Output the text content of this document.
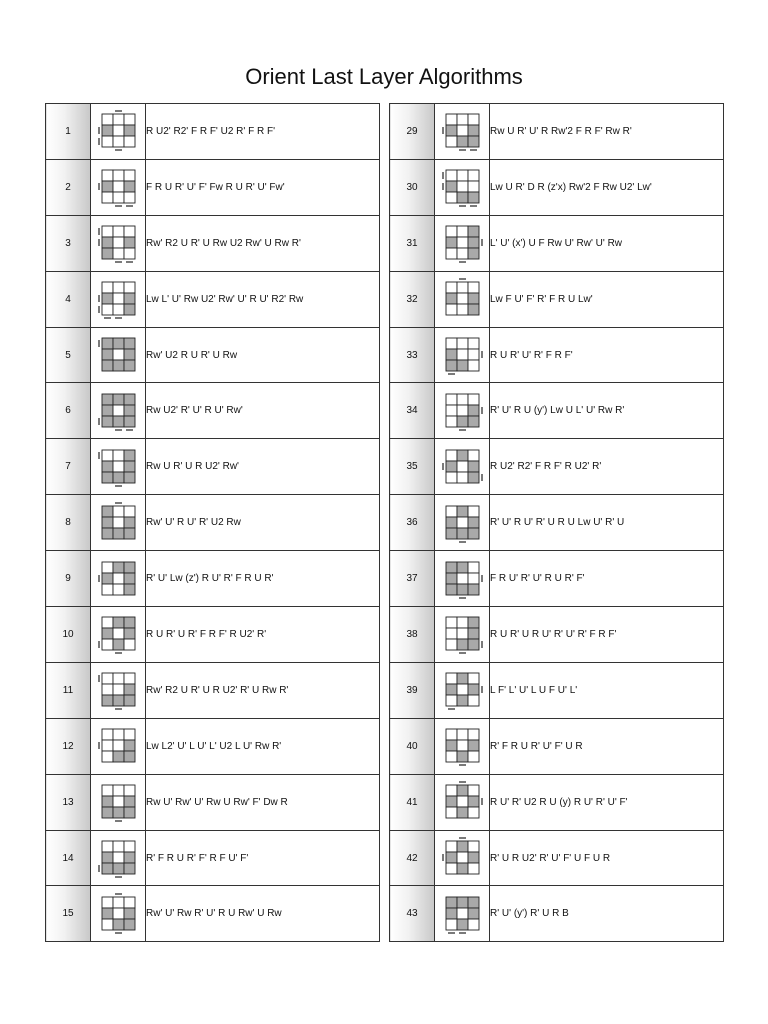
Orient Last Layer Algorithms
1		R U2' R2' F R F' U2 R' F R F'
2		F R U R' U' F' Fw R U R' U' Fw'
3		Rw' R2 U R' U Rw U2 Rw' U Rw R'
4		Lw L' U' Rw U2' Rw' U' R U' R2' Rw
5		Rw' U2 R U R' U Rw
6		Rw U2' R' U' R U' Rw'
7		Rw U R' U R U2' Rw'
8		Rw' U' R U' R' U2 Rw
9		R' U' Lw (z') R U' R' F R U R'
10		R U R' U R' F R F' R U2' R'
11		Rw' R2 U R' U R U2' R' U Rw R'
12		Lw L2' U' L U' L' U2 L U' Rw R'
13		Rw U' Rw' U' Rw U Rw' F' Dw R
14		R' F R U R' F' R F U' F'
15		Rw' U' Rw R' U' R U Rw' U Rw
29		Rw U R' U' R Rw'2 F R F' Rw R'
30		Lw U R' D R (z'x) Rw'2 F Rw U2' Lw'
31		L' U' (x') U F Rw U' Rw' U' Rw
32		Lw F U' F' R' F R U Lw'
33		R U R' U' R' F R F'
34		R' U' R U (y') Lw U L' U' Rw R'
35		R U2' R2' F R F' R U2' R'
36		R' U' R U' R' U R U Lw U' R' U
37		F R U' R' U' R U R' F'
38		R U R' U R U' R' U' R' F R F'
39		L F' L' U' L U F U' L'
40		R' F R U R' U' F' U R
41		R U' R' U2 R U (y) R U' R' U' F'
42		R' U R U2' R' U' F' U F U R
43		R' U' (y') R' U R B
